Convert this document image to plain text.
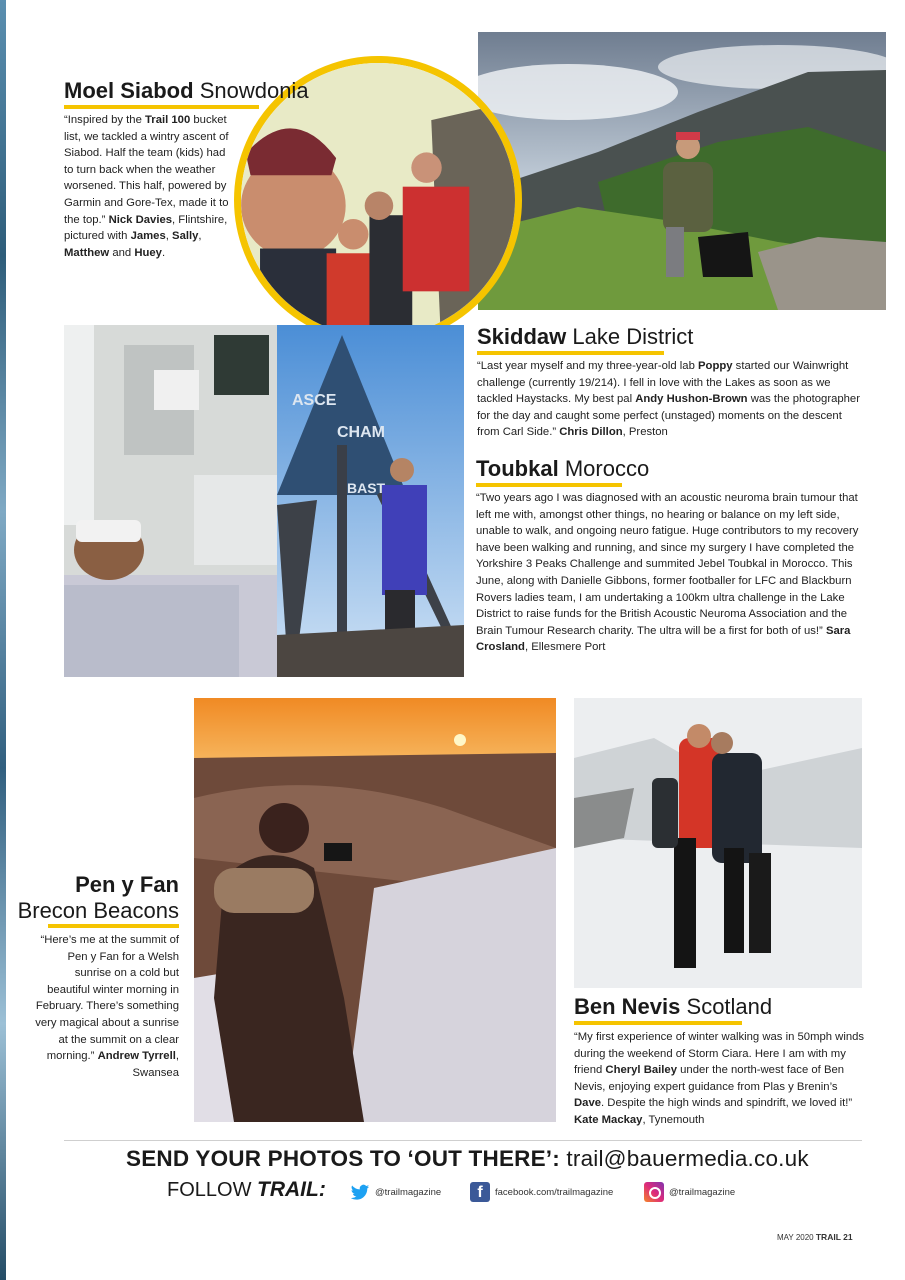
ASCE
CHAM
BAST
Moel Siabod Snowdonia
“Inspired by the Trail 100 bucket list, we tackled a wintry ascent of Siabod. Half the team (kids) had to turn back when the weather worsened. This half, powered by Garmin and Gore-Tex, made it to the top.” Nick Davies, Flintshire, pictured with James, Sally, Matthew and Huey.
Skiddaw Lake District
“Last year myself and my three-year-old lab Poppy started our Wainwright challenge (currently 19/214). I fell in love with the Lakes as soon as we tackled Haystacks. My best pal Andy Hushon-Brown was the photographer for the day and caught some perfect (unstaged) moments on the descent from Carl Side.” Chris Dillon, Preston
Toubkal Morocco
“Two years ago I was diagnosed with an acoustic neuroma brain tumour that left me with, amongst other things, no hearing or balance on my left side, unable to walk, and ongoing neuro fatigue. Huge contributors to my recovery have been walking and running, and since my surgery I have completed the Yorkshire 3 Peaks Challenge and summited Jebel Toubkal in Morocco. This June, along with Danielle Gibbons, former footballer for LFC and Blackburn Rovers ladies team, I am undertaking a 100km ultra challenge in the Lake District to raise funds for the British Acoustic Neuroma Association and the Brain Tumour Research charity. The ultra will be a first for both of us!” Sara Crosland, Ellesmere Port
Pen y Fan
Brecon Beacons
“Here’s me at the summit of Pen y Fan for a Welsh sunrise on a cold but beautiful winter morning in February. There’s something very magical about a sunrise at the summit on a clear morning.” Andrew Tyrrell, Swansea
Ben Nevis Scotland
“My first experience of winter walking was in 50mph winds during the weekend of Storm Ciara. Here I am with my friend Cheryl Bailey under the north-west face of Ben Nevis, enjoying expert guidance from Plas y Brenin’s Dave. Despite the high winds and spindrift, we loved it!” Kate Mackay, Tynemouth
SEND YOUR PHOTOS TO ‘OUT THERE’: trail@bauermedia.co.uk
FOLLOW TRAIL:	@trailmagazine	f	facebook.com/trailmagazine	@trailmagazine
MAY 2020 TRAIL 21
